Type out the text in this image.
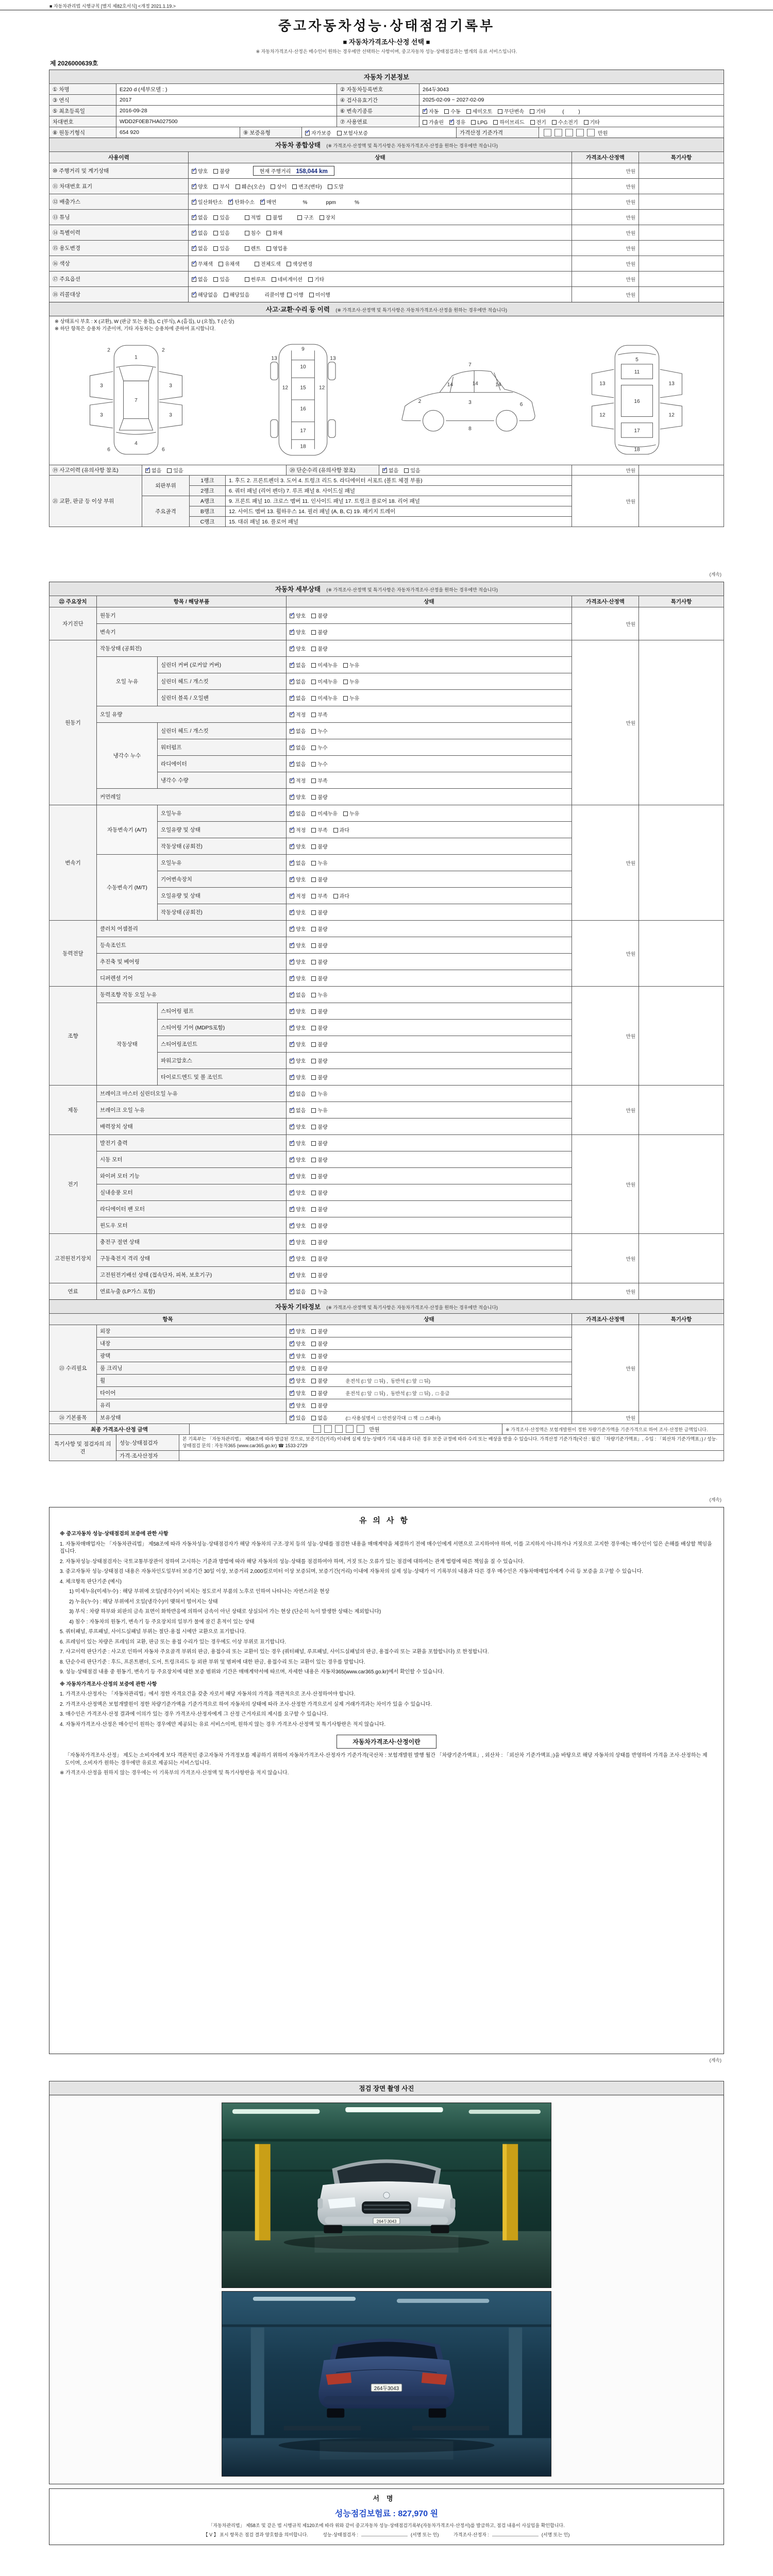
■ 자동차관리법 시행규칙 [별지 제82호서식] <개정 2021.1.19.>
중고자동차성능·상태점검기록부
■ 자동차가격조사·산정 선택 ■
※ 자동차가격조사·산정은 매수인이 원하는 경우에만 선택하는 사항이며, 중고자동차 성능·상태점검과는 별개의 유료 서비스입니다.
제 2026000639호
자동차 기본정보
① 차명	E220 d (세부모델 : )	② 자동차등록번호	264두3043
③ 연식	2017	④ 검사유효기간	2025-02-09 ~ 2027-02-09
⑤ 최초등록일	2016-09-28	⑥ 변속기종류	✓자동 수동 세미오토 무단변속 기타	(          )
차대번호	WDD2F0EB7HA027500	⑦ 사용연료	가솔린 ✓ 경유 LPG 하이브리드 전기 수소전기 기타
⑧ 원동기형식	654 920	⑨ 보증유형	✓자가보증 보험사보증	가격산정 기준가격	만원
자동차 종합상태 (※ 가격조사·산정액 및 특기사항은 자동차가격조사·산정을 원하는 경우에만 적습니다)
사용이력	상태	가격조사·산정액	특기사항
⑩ 주행거리 및 계기상태	✓양호 불량 현재 주행거리 158,044 km	만원	
⑪ 차대번호 표기	✓양호 부식 훼손(오손) 상이 변조(변타) 도말	만원	
⑫ 배출가스	✓일산화탄소 ✓ 탄화수소 ✓ 매연 %             ppm             %	만원	
⑬ 튜닝	✓없음 있음 적법 불법 구조 장치	만원	
⑭ 특별이력	✓없음 있음 침수 화재	만원	
⑮ 용도변경	✓없음 있음 렌트 영업용	만원	
⑯ 색상	✓무채색 유채색 전체도색 색상변경	만원	
⑰ 주요옵션	✓없음 있음 썬루프 네비게이션 기타	만원	
⑱ 리콜대상	✓해당없음 해당있음 리콜이행  이행 미이행	만원	
사고·교환·수리 등 이력 (※ 가격조사·산정액 및 특기사항은 자동차가격조사·산정을 원하는 경우에만 적습니다)
※ 상태표시 부호 : X (교환), W (판금 또는 용접), C (부식), A (흠집), U (요철), T (손상)
※ 하단 항목은 승용차 기준이며, 기타 자동차는 승용차에 준하여 표시합니다.
1
7
4
3	3
3	3
2	2
6	6
9
10
12	12
13	13
15
16
17
18
14	14	14
3
2
6
7
8
5
11
16
17
18
13	13
12	12
⑲ 사고이력 (유의사항 참조)	✓없음 있음	⑳ 단순수리 (유의사항 참조)	✓없음 있음	만원	
㉑ 교환, 판금 등 이상 부위	외판부위	1랭크	1. 후드 2. 프론트펜더 3. 도어 4. 트렁크 리드 5. 라디에이터 서포트 (볼트 체결 부품)	만원	
		2랭크	6. 쿼터 패널 (리어 펜더) 7. 루프 패널 8. 사이드실 패널		
	주요골격	A랭크	9. 프론트 패널 10. 크로스 멤버 11. 인사이드 패널 17. 트렁크 플로어 18. 리어 패널		
		B랭크	12. 사이드 멤버 13. 휠하우스 14. 필러 패널 (A, B, C) 19. 패키지 트레이		
		C랭크	15. 대쉬 패널 16. 플로어 패널		
(계속)
자동차 세부상태 (※ 가격조사·산정액 및 특기사항은 자동차가격조사·산정을 원하는 경우에만 적습니다)
㉒ 주요장치	항목 / 해당부품		상태	가격조사·산정액	특기사항
자기진단	원동기	✓양호 불량	만원	
	변속기	✓양호 불량
원동기	작동상태 (공회전)	✓양호 불량	만원	
	오일 누유	실린더 커버 (로커암 커버)	✓없음 미세누유 누유
		실린더 헤드 / 개스킷	✓없음 미세누유 누유
		실린더 블록 / 오일팬	✓없음 미세누유 누유
	오일 유량	✓적정 부족
	냉각수 누수	실린더 헤드 / 개스킷	✓없음 누수
		워터펌프	✓없음 누수
		라디에이터	✓없음 누수
		냉각수 수량	✓적정 부족
	커먼레일	✓양호 불량
변속기	자동변속기 (A/T)	오일누유	✓없음 미세누유 누유	만원	
		오일유량 및 상태	✓적정 부족 과다
		작동상태 (공회전)	✓양호 불량
	수동변속기 (M/T)	오일누유	✓없음 누유
		기어변속장치	✓양호 불량
		오일유량 및 상태	✓적정 부족 과다
		작동상태 (공회전)	✓양호 불량
동력전달	클러치 어셈블리	✓양호 불량	만원	
	등속조인트	✓양호 불량
	추진축 및 베어링	✓양호 불량
	디퍼렌셜 기어	✓양호 불량
조향	동력조향 작동 오일 누유	✓없음 누유	만원	
	작동상태	스티어링 펌프	✓양호 불량
		스티어링 기어 (MDPS포함)	✓양호 불량
		스티어링조인트	✓양호 불량
		파워고압호스	✓양호 불량
		타이로드엔드 및 볼 조인트	✓양호 불량
제동	브레이크 마스터 실린더오일 누유	✓없음 누유	만원	
	브레이크 오일 누유	✓없음 누유
	배력장치 상태	✓양호 불량
전기	발전기 출력	✓양호 불량	만원	
	시동 모터	✓양호 불량
	와이퍼 모터 기능	✓양호 불량
	실내송풍 모터	✓양호 불량
	라디에이터 팬 모터	✓양호 불량
	윈도우 모터	✓양호 불량
고전원전기장치	충전구 절연 상태	✓양호 불량	만원	
	구동축전지 격리 상태	✓양호 불량
	고전원전기배선 상태 (접속단자, 피복, 보호기구)	✓양호 불량
연료	연료누출 (LP가스 포함)	✓없음 누출	만원	
자동차 기타정보 (※ 가격조사·산정액 및 특기사항은 자동차가격조사·산정을 원하는 경우에만 적습니다)
항목		상태	가격조사·산정액	특기사항
㉓ 수리필요	외장	✓양호 불량	만원	
	내장	✓양호 불량
	광택	✓양호 불량
	룸 크리닝	✓양호 불량
	휠	✓양호 불량 운전석 (□ 앞  □ 뒤) ,  동반석 (□ 앞  □ 뒤)
	타이어	✓양호 불량 운전석 (□ 앞  □ 뒤) ,  동반석 (□ 앞  □ 뒤) ,  □ 응급
	유리	✓양호 불량
㉔ 기본품목	보유상태	✓있음 없음 (□ 사용설명서  □ 안전삼각대  □ 잭  □ 스패너)	만원	
최종 가격조사·산정 금액	만원	※ 가격조사·산정액은 보험개발원이 정한 차량기준가액을 기준가격으로 하여 조사·산정한 금액입니다.
특기사항 및 점검자의 의견	성능·상태점검자	본 기록부는 「자동차관리법」 제58조에 따라 발급된 것으로, 보증기간(거리) 이내에 실제 성능·상태가 기록 내용과 다른 경우 보증 규정에 따라 수리 또는 배상을 받을 수 있습니다. 가격산정 기준가격(국산 : 월간 「차량기준가액표」, 수입 : 「외산차 기준가액표」) / 성능·상태점검 문의 : 자동차365 (www.car365.go.kr) ☎ 1533-2729
	가격·조사산정자	
(계속)
유의사항
※ 중고자동차 성능·상태점검의 보증에 관한 사항
1. 자동차매매업자는 「자동차관리법」 제58조에 따라 자동차성능·상태점검자가 해당 자동차의 구조·장치 등의 성능·상태를 점검한 내용을 매매계약을 체결하기 전에 매수인에게 서면으로 고지하여야 하며, 이를 고지하지 아니하거나 거짓으로 고지한 경우에는 매수인이 입은 손해를 배상할 책임을 집니다.
2. 자동차성능·상태점검자는 국토교통부장관이 정하여 고시하는 기준과 방법에 따라 해당 자동차의 성능·상태를 점검하여야 하며, 거짓 또는 오류가 있는 점검에 대하여는 관계 법령에 따른 책임을 질 수 있습니다.
3. 중고자동차 성능·상태점검 내용은 자동차인도일부터 보증기간 30일 이상, 보증거리 2,000킬로미터 이상 보증되며, 보증기간(거리) 이내에 자동차의 실제 성능·상태가 이 기록부의 내용과 다른 경우 매수인은 자동차매매업자에게 수리 등 보증을 요구할 수 있습니다.
4. 체크항목 판단기준 (예시)
1) 미세누유(미세누수) : 해당 부위에 오일(냉각수)이 비치는 정도로서 부품의 노후로 인하여 나타나는 자연스러운 현상
2) 누유(누수) : 해당 부위에서 오일(냉각수)이 맺혀서 떨어지는 상태
3) 부식 : 차량 하부와 외판의 금속 표면이 화학반응에 의하여 금속이 아닌 상태로 상실되어 가는 현상 (단순히 녹이 발생한 상태는 제외합니다)
4) 침수 : 자동차의 원동기, 변속기 등 주요장치의 일부가 물에 잠긴 흔적이 있는 상태
5. 쿼터패널, 루프패널, 사이드실패널 부위는 절단·용접 시에만 교환으로 표기합니다.
6. 프레임이 있는 차량은 프레임의 교환, 판금 또는 용접 수리가 있는 경우에도 이상 부위로 표기합니다.
7. 사고이력 판단기준 : 사고로 인하여 자동차 주요골격 부위의 판금, 용접수리 또는 교환이 있는 경우 (쿼터패널, 루프패널, 사이드실패널의 판금, 용접수리 또는 교환을 포함합니다) 로 한정합니다.
8. 단순수리 판단기준 : 후드, 프론트펜더, 도어, 트렁크리드 등 외판 부위 및 범퍼에 대한 판금, 용접수리 또는 교환이 있는 경우를 말합니다.
9. 성능·상태점검 내용 중 원동기, 변속기 등 주요장치에 대한 보증 범위와 기간은 매매계약서에 따르며, 자세한 내용은 자동차365(www.car365.go.kr)에서 확인할 수 있습니다.
※ 자동차가격조사·산정의 보증에 관한 사항
1. 가격조사·산정자는 「자동차관리법」에서 정한 자격요건을 갖춘 자로서 해당 자동차의 가격을 객관적으로 조사·산정하여야 합니다.
2. 가격조사·산정액은 보험개발원이 정한 차량기준가액을 기준가격으로 하여 자동차의 상태에 따라 조사·산정한 가격으로서 실제 거래가격과는 차이가 있을 수 있습니다.
3. 매수인은 가격조사·산정 결과에 이의가 있는 경우 가격조사·산정자에게 그 산정 근거자료의 제시를 요구할 수 있습니다.
4. 자동차가격조사·산정은 매수인이 원하는 경우에만 제공되는 유료 서비스이며, 원하지 않는 경우 가격조사·산정액 및 특기사항란은 적지 않습니다.
자동차가격조사·산정이란
「자동차가격조사·산정」 제도는 소비자에게 보다 객관적인 중고자동차 가격정보를 제공하기 위하여 자동차가격조사·산정자가 기준가격(국산차 : 보험개발원 발행 월간 「차량기준가액표」, 외산차 : 「외산차 기준가액표」)을 바탕으로 해당 자동차의 상태를 반영하여 가격을 조사·산정하는 제도이며, 소비자가 원하는 경우에만 유료로 제공되는 서비스입니다.
※ 가격조사·산정을 원하지 않는 경우에는 이 기록부의 가격조사·산정액 및 특기사항란을 적지 않습니다.
(계속)
점검 장면 촬영 사진
264두3043
264두3043
서명
성능점검보험료 : 827,970 원
「자동차관리법」 제58조 및 같은 법 시행규칙 제120조에 따라 위와 같이 중고자동차 성능·상태점검기록부(자동차가격조사·산정서)를 발급하고, 점검 내용이 사실임을 확인합니다.
【 V 】 표시 항목은 점검 결과 양호함을 의미합니다.	성능·상태점검자 :	(서명 또는 인)	가격조사·산정자 :	(서명 또는 인)
